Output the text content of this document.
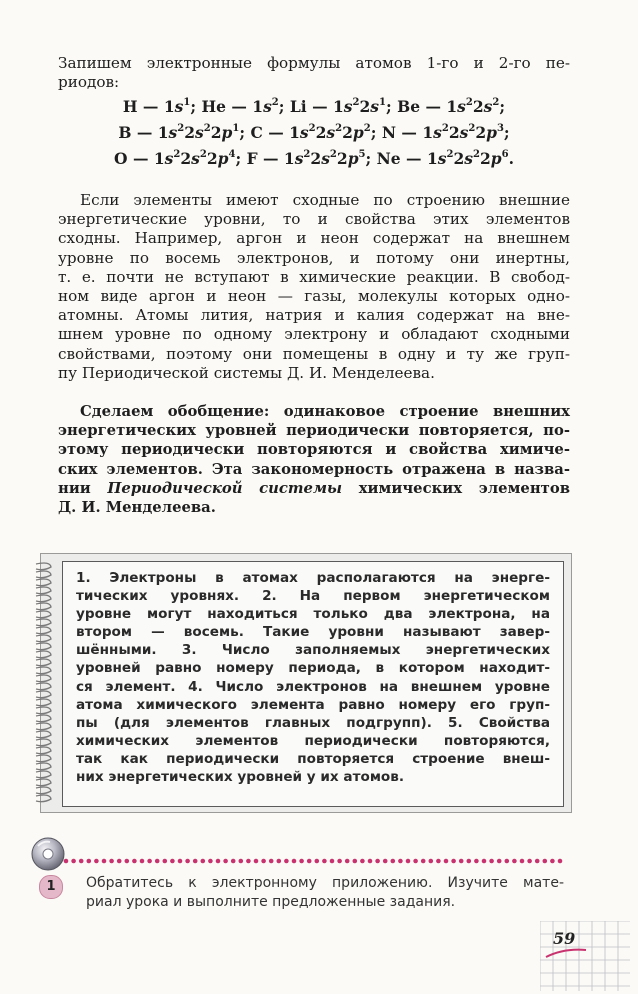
Запишем электронные формулы атомов 1-го и 2-го пе-
риодов:
H — $1s^1$; He — $1s^2$; Li — $1s^22s^1$; Be — $1s^22s^2$;
B — $1s^22s^22p^1$; C — $1s^22s^22p^2$; N — $1s^22s^22p^3$;
O — $1s^22s^22p^4$; F — $1s^22s^22p^5$; Ne — $1s^22s^22p^6$.
Если элементы имеют сходные по строению внешние
энергетические уровни, то и свойства этих элементов
сходны. Например, аргон и неон содержат на внешнем
уровне по восемь электронов, и потому они инертны,
т. е. почти не вступают в химические реакции. В свобод-
ном виде аргон и неон — газы, молекулы которых одно-
атомны. Атомы лития, натрия и калия содержат на вне-
шнем уровне по одному электрону и обладают сходными
свойствами, поэтому они помещены в одну и ту же груп-
пу Периодической системы Д. И. Менделеева.
Сделаем обобщение: одинаковое строение внешних
энергетических уровней периодически повторяется, по-
этому периодически повторяются и свойства химиче-
ских элементов. Эта закономерность отражена в назва-
нии Периодической системы химических элементов
Д. И. Менделеева.
1. Электроны в атомах располагаются на энерге-
тических уровнях. 2. На первом энергетическом
уровне могут находиться только два электрона, на
втором — восемь. Такие уровни называют завер-
шёнными. 3. Число заполняемых энергетических
уровней равно номеру периода, в котором находит-
ся элемент. 4. Число электронов на внешнем уровне
атома химического элемента равно номеру его груп-
пы (для элементов главных подгрупп). 5. Свойства
химических элементов периодически повторяются,
так как периодически повторяется строение внеш-
них энергетических уровней у их атомов.
1	Обратитесь к электронному приложению. Изучите мате-
риал урока и выполните предложенные задания.
59
